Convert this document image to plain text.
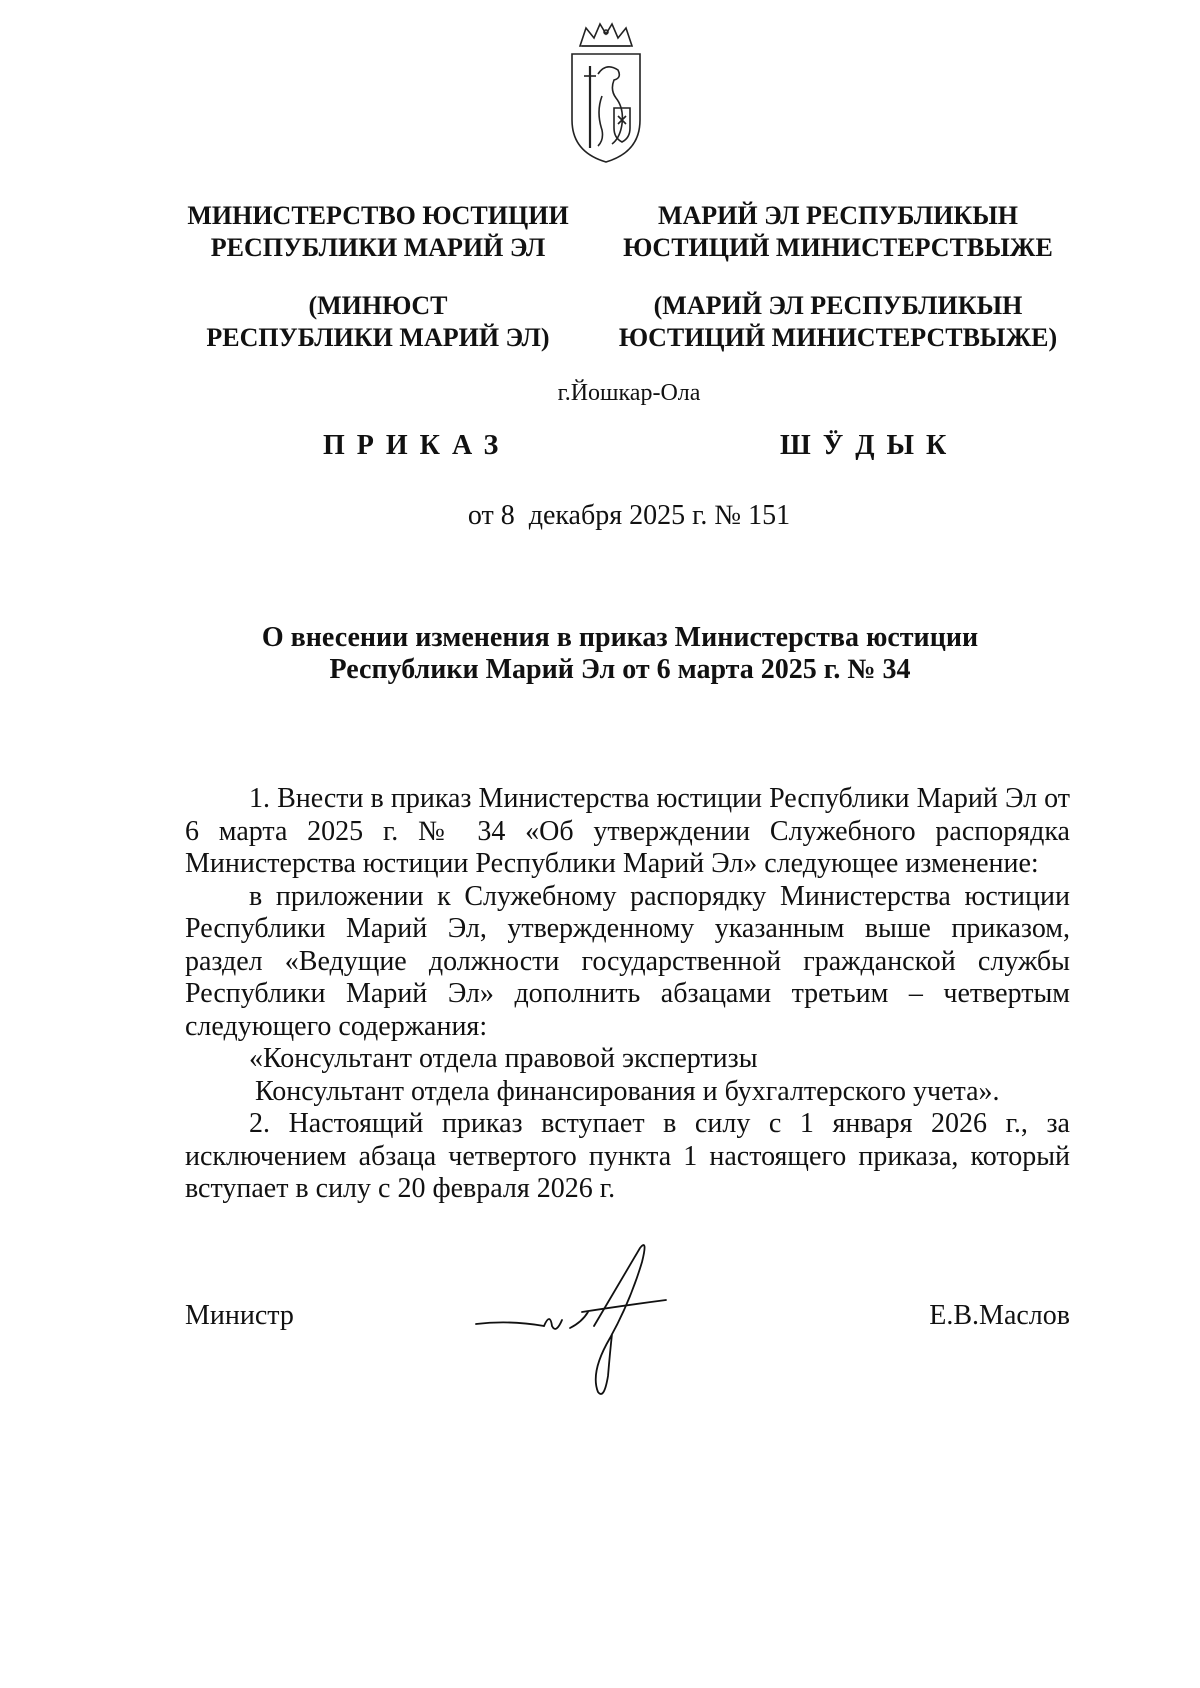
МИНИСТЕРСТВО ЮСТИЦИИ
РЕСПУБЛИКИ МАРИЙ ЭЛ
(МИНЮСТ
РЕСПУБЛИКИ МАРИЙ ЭЛ)
МАРИЙ ЭЛ РЕСПУБЛИКЫН
ЮСТИЦИЙ МИНИСТЕРСТВЫЖЕ
(МАРИЙ ЭЛ РЕСПУБЛИКЫН
ЮСТИЦИЙ МИНИСТЕРСТВЫЖЕ)
г.Йошкар-Ола
ПРИКАЗ	ШӰДЫК
от 8  декабря 2025 г. № 151
О внесении изменения в приказ Министерства юстиции
Республики Марий Эл от 6 марта 2025 г. № 34

1. Внести в приказ Министерства юстиции Республики Марий Эл от 6 марта 2025 г. № 34 «Об утверждении Служебного распорядка Министерства юстиции Республики Марий Эл» следующее изменение:

в приложении к Служебному распорядку Министерства юстиции Республики Марий Эл, утвержденному указанным выше приказом, раздел «Ведущие должности государственной гражданской службы Республики Марий Эл» дополнить абзацами третьим – четвертым следующего содержания:

«Консультант отдела правовой экспертизы

Консультант отдела финансирования и бухгалтерского учета».

2. Настоящий приказ вступает в силу с 1 января 2026 г., за исключением абзаца четвертого пункта 1 настоящего приказа, который вступает в силу с 20 февраля 2026 г.

Министр	Е.В.Маслов
